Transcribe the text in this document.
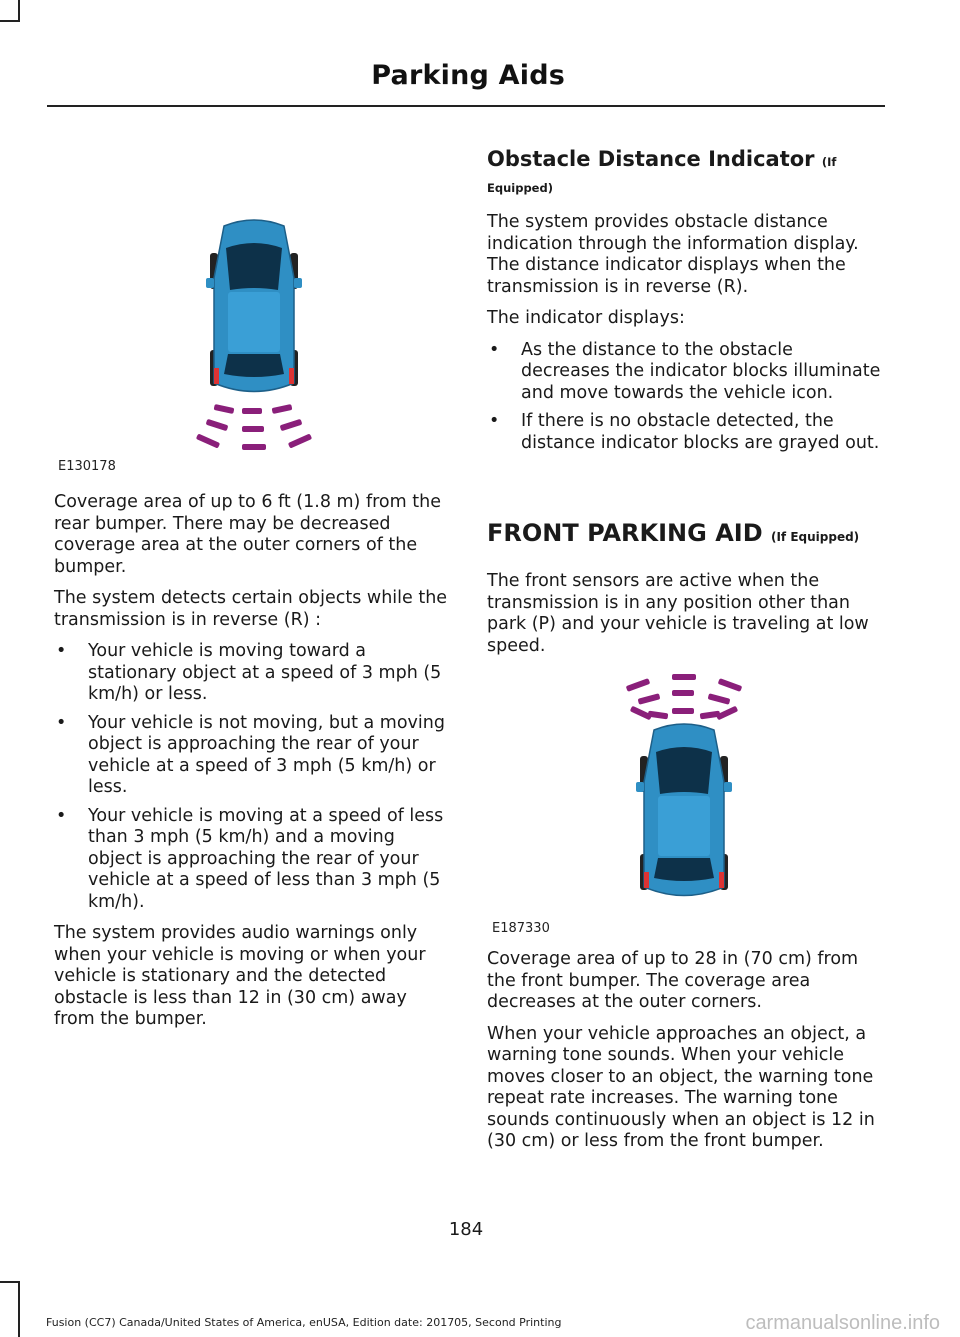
Parking Aids
E130178

Coverage area of up to 6 ft (1.8 m) from the rear bumper. There may be decreased coverage area at the outer corners of the bumper.

The system detects certain objects while the transmission is in reverse (R) :

• Your vehicle is moving toward a stationary object at a speed of 3 mph (5 km/h) or less.
• Your vehicle is not moving, but a moving object is approaching the rear of your vehicle at a speed of 3 mph (5 km/h) or less.
• Your vehicle is moving at a speed of less than 3 mph (5 km/h) and a moving object is approaching the rear of your vehicle at a speed of less than 3 mph (5 km/h).

The system provides audio warnings only when your vehicle is moving or when your vehicle is stationary and the detected obstacle is less than 12 in (30 cm) away from the bumper.

Obstacle Distance Indicator (If
Equipped)

The system provides obstacle distance indication through the information display. The distance indicator displays when the transmission is in reverse (R).

The indicator displays:

• As the distance to the obstacle decreases the indicator blocks illuminate and move towards the vehicle icon.
• If there is no obstacle detected, the distance indicator blocks are grayed out.
FRONT PARKING AID (If Equipped)

The front sensors are active when the transmission is in any position other than park (P) and your vehicle is traveling at low speed.

E187330

Coverage area of up to 28 in (70 cm) from the front bumper. The coverage area decreases at the outer corners.

When your vehicle approaches an object, a warning tone sounds. When your vehicle moves closer to an object, the warning tone repeat rate increases. The warning tone sounds continuously when an object is 12 in (30 cm) or less from the front bumper.

184
Fusion (CC7) Canada/United States of America, enUSA, Edition date: 201705, Second Printing	carmanualsonline.info
